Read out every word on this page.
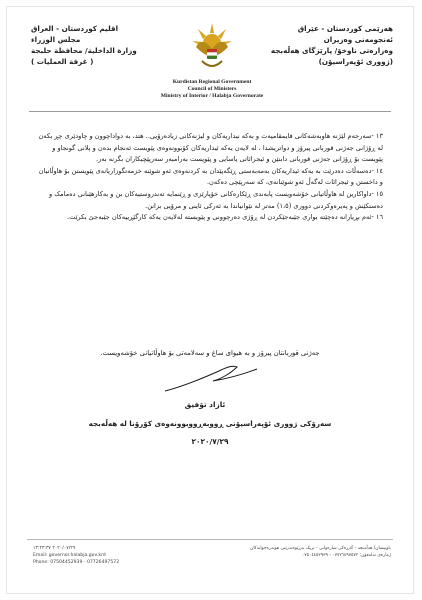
هەرێمی کوردستان - عێراق
ئەنجومەنی وەزیران
وەزارەتی ناوخۆ/ پارێزگای هەڵەبجە
(ژووری ئۆپەراسیۆن)
اقليم كوردستان - العراق
مجلس الوزراء
وزارة الداخلية/ محافظة حلبجة
( غرفة العمليات )
Kurdistan Regional Government
Council of Ministers
Ministry of Interior / Halabja Governorate

١٣ -سەرجەم لێژنە هاوبەشەکانی قایمقامیەت و بەکە نیداریەکان و لیژنەکانی زیادەرۆیی.. هتد، بە دواداچوون و چاودێری چڕ بکەن لە ڕۆژانی جەژنی قوربانی پیرۆز و دواتریشدا ، لە لایەن یەکە ئیداریەکان کۆبوونەوەی پێویست ئەنجام بدەن و پلانی گونجاو و پێویست بۆ ڕۆژانی جەژنی قوربانی دابنێن و ئیجرائاتی یاسایی و پێویست بەرامبەر سەرپێچیکاران بگرنە بەر.

١٤ -دەسەڵات دەدرێت بە یەکە ئیداریەکان بەمەبەستی ڕێگەپێدان بە کردنەوەی ئەو شوێنە خزمەتگوزاریانەی پێویستن بۆ هاوڵاتیان و داخستن و ئیجرائات لەگەڵ ئەو شوێنانەی، کە سەرپێچی دەکەن.

١٥ -داواکارین لە هاوڵاتیانی خۆشەویست پابەندی ڕێکارەکانی خۆپارێزی و ڕێنمایە تەندروستیەکان بن و بەکارهێنانی دەمامک و دەستکێش و پەیرەوکردنی دووری (١،٥) مەتر لە نێوانیاندا بە ئەرکی ئاینی و مرۆیی بزانن.

١٦ -ئەم بڕیارانە دەچێتە بواری جێبەجێکردن لە ڕۆژی دەرچوونی و پێویستە لەلایەن یەکە کارگێڕییەکان جێبەجێ بکرێت.

جەژنی قوربانتان پیرۆز و بە هیوای ساغ و سەلامەتی بۆ هاوڵاتیانی خۆشەویست.
ئازاد تۆفیق
سەرۆکی ژووری ئۆپەراسیۆنی ڕووبەڕووبوونەوەی کۆرۆنا لە هەڵەبجە
٢٠٢٠/٧/٢٩
٢٠٢٠/٠٧/٢٩ ١٣:٢٣:٣٧
Email: governor.halabja.gov.krd
Phone: 07504452939 - 07726497572
ناونیشان/ هەڵەبجە - گەڕەکی شارەوانی - نزیک بەڕێوەبەرێتی هونەرەجوانەکان
ژمارەی تەلەفۆن: ٠٧٧٢٦٤٩٧٥٧٢ - ٠٧٥٠٤٤٥٢٩٣٩
